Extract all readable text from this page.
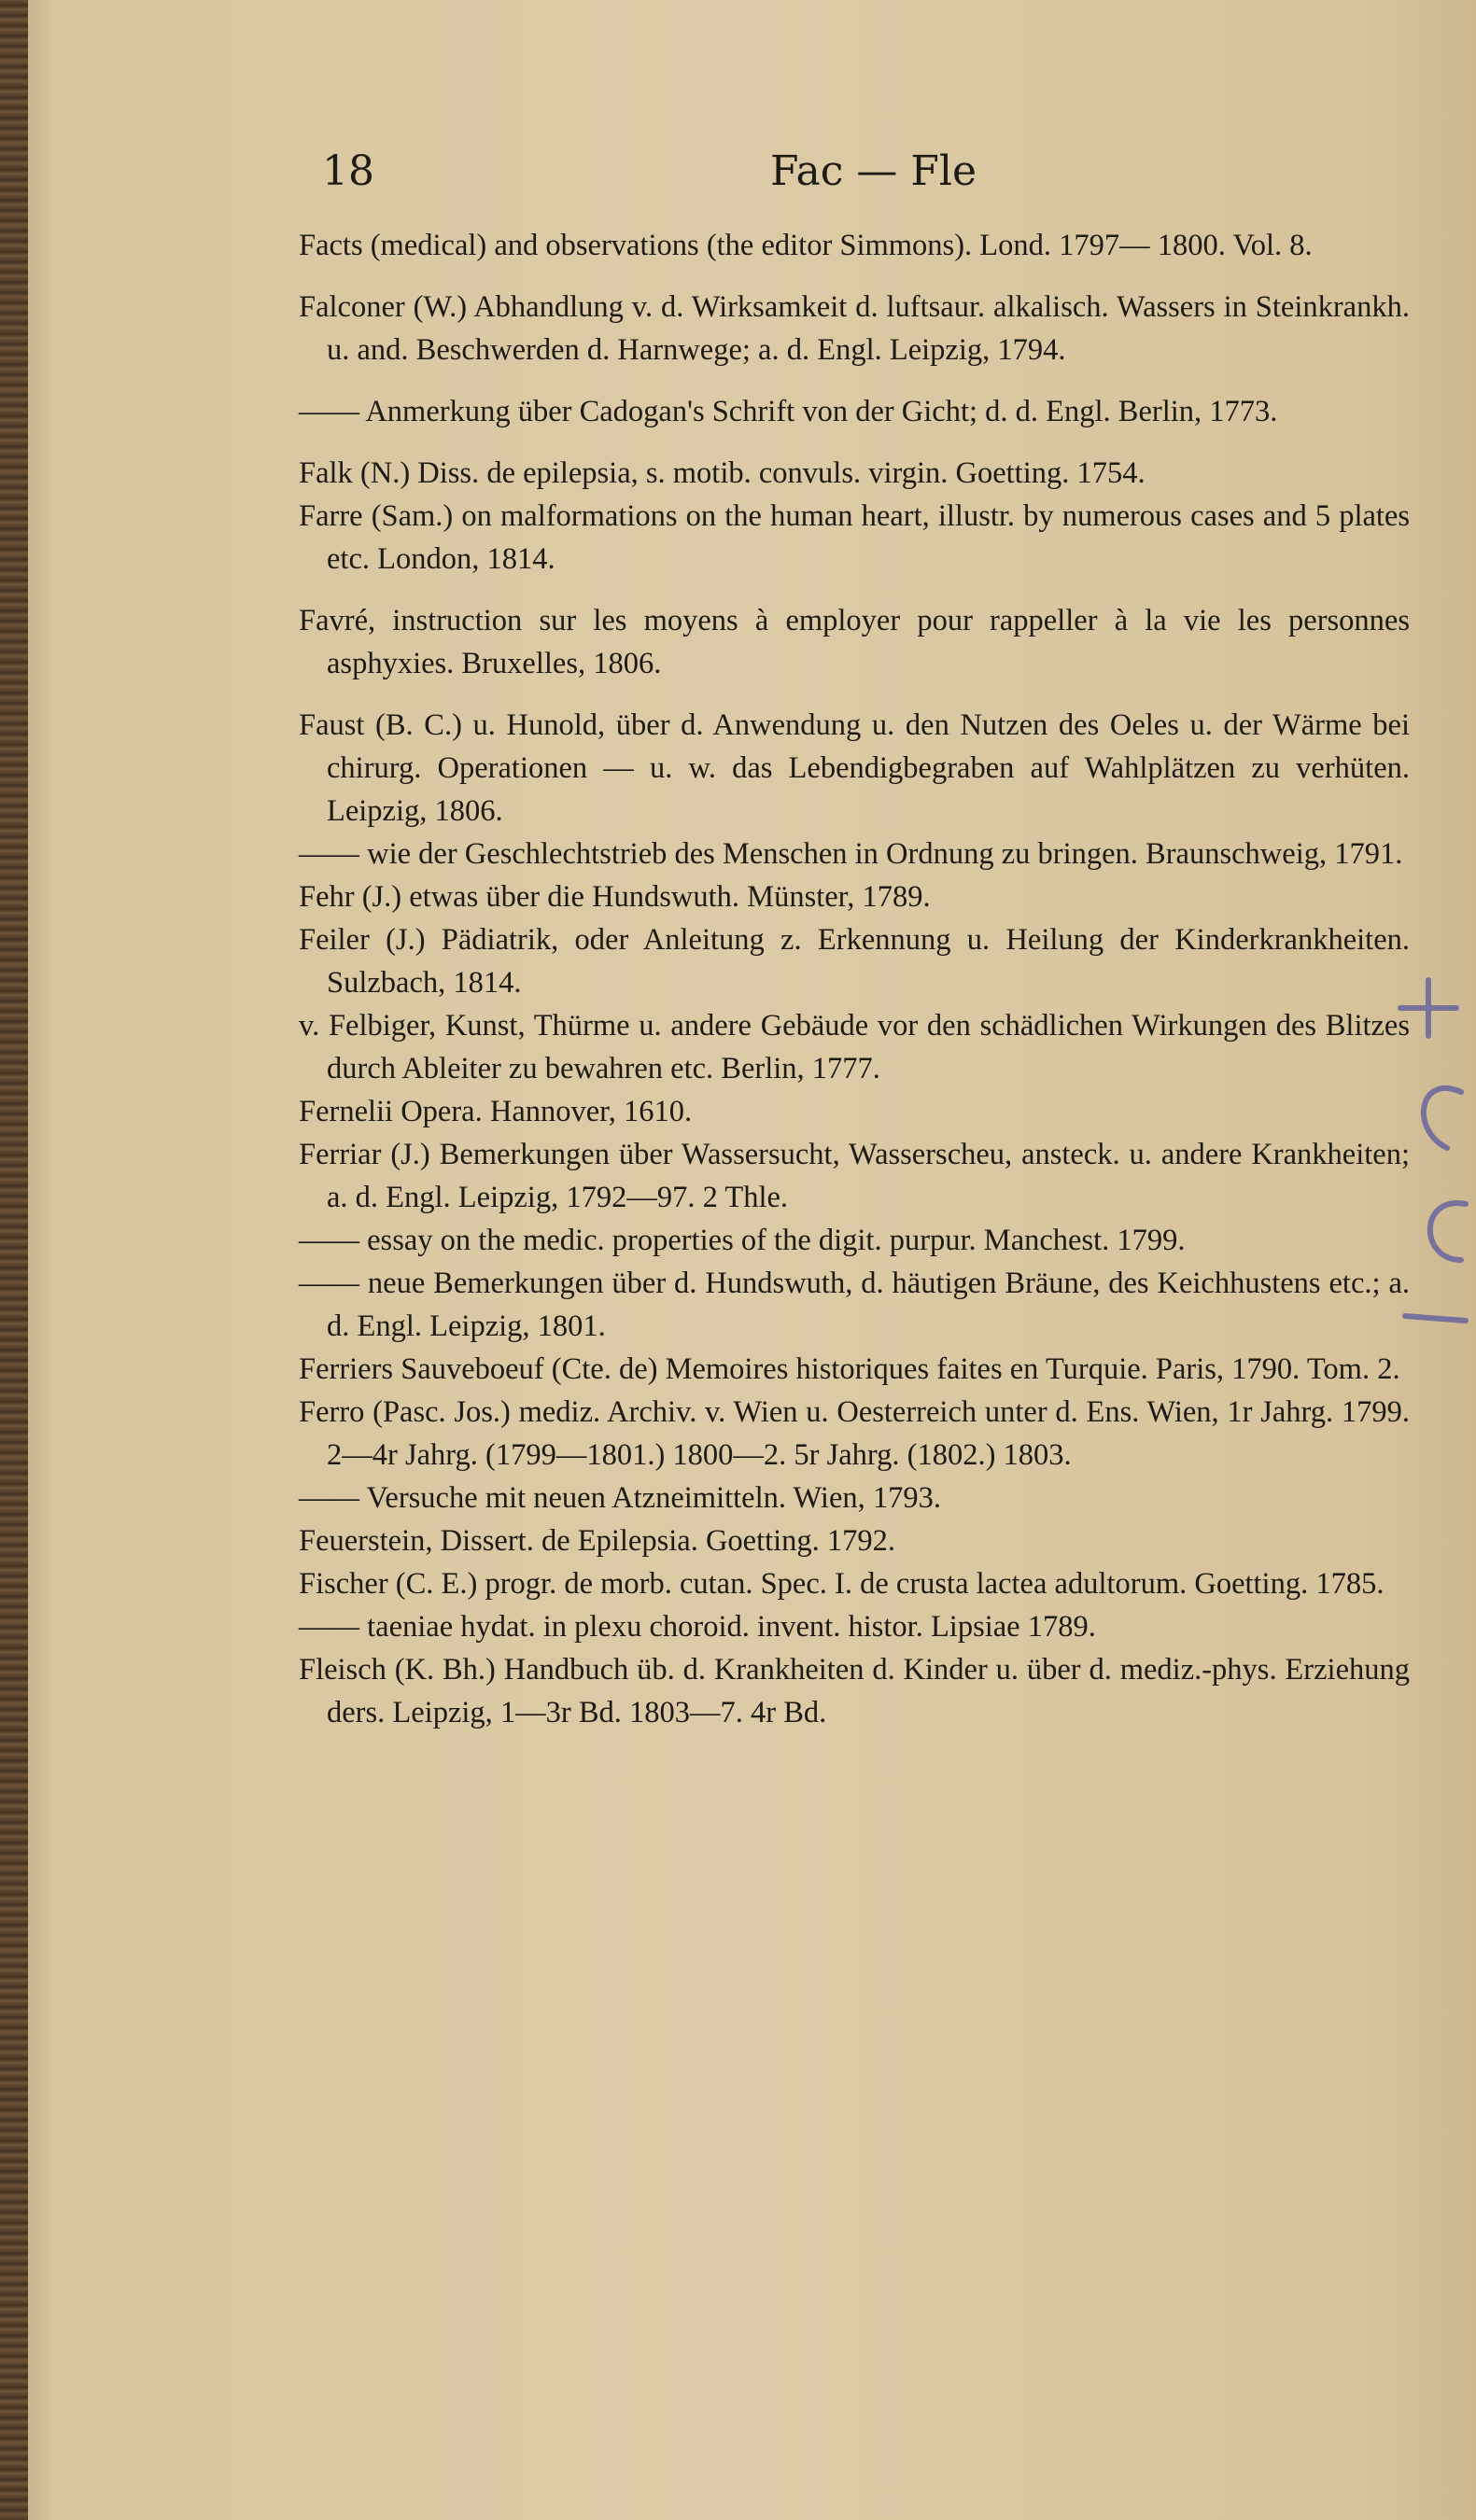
18	Fac — Fle

Facts (medical) and observations (the editor Simmons). Lond. 1797— 1800. Vol. 8.

Falconer (W.) Abhandlung v. d. Wirksamkeit d. luftsaur. alkalisch. Wassers in Steinkrankh. u. and. Beschwerden d. Harnwege; a. d. Engl. Leipzig, 1794.

—— Anmerkung über Cadogan's Schrift von der Gicht; d. d. Engl. Berlin, 1773.

Falk (N.) Diss. de epilepsia, s. motib. convuls. virgin. Goetting. 1754.

Farre (Sam.) on malformations on the human heart, illustr. by numerous cases and 5 plates etc. London, 1814.

Favré, instruction sur les moyens à employer pour rappeller à la vie les personnes asphyxies. Bruxelles, 1806.

Faust (B. C.) u. Hunold, über d. Anwendung u. den Nutzen des Oeles u. der Wärme bei chirurg. Operationen — u. w. das Lebendigbegraben auf Wahlplätzen zu verhüten. Leipzig, 1806.

—— wie der Geschlechtstrieb des Menschen in Ordnung zu bringen. Braunschweig, 1791.

Fehr (J.) etwas über die Hundswuth. Münster, 1789.

Feiler (J.) Pädiatrik, oder Anleitung z. Erkennung u. Heilung der Kinderkrankheiten. Sulzbach, 1814.

v. Felbiger, Kunst, Thürme u. andere Gebäude vor den schädlichen Wirkungen des Blitzes durch Ableiter zu bewahren etc. Berlin, 1777.

Fernelii Opera. Hannover, 1610.

Ferriar (J.) Bemerkungen über Wassersucht, Wasserscheu, ansteck. u. andere Krankheiten; a. d. Engl. Leipzig, 1792—97. 2 Thle.

—— essay on the medic. properties of the digit. purpur. Manchest. 1799.

—— neue Bemerkungen über d. Hundswuth, d. häutigen Bräune, des Keichhustens etc.; a. d. Engl. Leipzig, 1801.

Ferriers Sauveboeuf (Cte. de) Memoires historiques faites en Turquie. Paris, 1790. Tom. 2.

Ferro (Pasc. Jos.) mediz. Archiv. v. Wien u. Oesterreich unter d. Ens. Wien, 1r Jahrg. 1799. 2—4r Jahrg. (1799—1801.) 1800—2. 5r Jahrg. (1802.) 1803.

—— Versuche mit neuen Atzneimitteln. Wien, 1793.

Feuerstein, Dissert. de Epilepsia. Goetting. 1792.

Fischer (C. E.) progr. de morb. cutan. Spec. I. de crusta lactea adultorum. Goetting. 1785.

—— taeniae hydat. in plexu choroid. invent. histor. Lipsiae 1789.

Fleisch (K. Bh.) Handbuch üb. d. Krankheiten d. Kinder u. über d. mediz.-phys. Erziehung ders. Leipzig, 1—3r Bd. 1803—7. 4r Bd.
